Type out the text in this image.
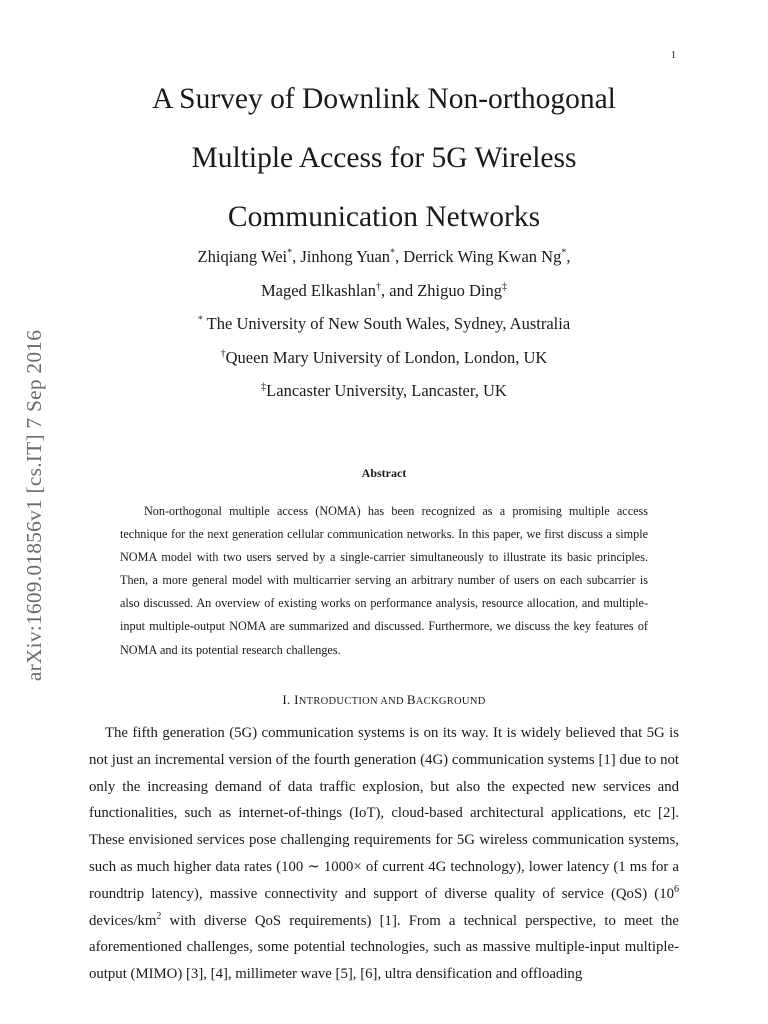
1
arXiv:1609.01856v1 [cs.IT] 7 Sep 2016
A Survey of Downlink Non-orthogonal
Multiple Access for 5G Wireless
Communication Networks
Zhiqiang Wei*, Jinhong Yuan*, Derrick Wing Kwan Ng*,
Maged Elkashlan†, and Zhiguo Ding‡
* The University of New South Wales, Sydney, Australia
†Queen Mary University of London, London, UK
‡Lancaster University, Lancaster, UK
Abstract

Non-orthogonal multiple access (NOMA) has been recognized as a promising multiple access technique for the next generation cellular communication networks. In this paper, we first discuss a simple NOMA model with two users served by a single-carrier simultaneously to illustrate its basic principles. Then, a more general model with multicarrier serving an arbitrary number of users on each subcarrier is also discussed. An overview of existing works on performance analysis, resource allocation, and multiple-input multiple-output NOMA are summarized and discussed. Furthermore, we discuss the key features of NOMA and its potential research challenges.

I. INTRODUCTION AND BACKGROUND

The fifth generation (5G) communication systems is on its way. It is widely believed that 5G is not just an incremental version of the fourth generation (4G) communication systems [1] due to not only the increasing demand of data traffic explosion, but also the expected new services and functionalities, such as internet-of-things (IoT), cloud-based architectural applications, etc [2]. These envisioned services pose challenging requirements for 5G wireless communication systems, such as much higher data rates (100 ∼ 1000× of current 4G technology), lower latency (1 ms for a roundtrip latency), massive connectivity and support of diverse quality of service (QoS) ($10^6$ devices/$km^2$ with diverse QoS requirements) [1]. From a technical perspective, to meet the aforementioned challenges, some potential technologies, such as massive multiple-input multiple-output (MIMO) [3], [4], millimeter wave [5], [6], ultra densification and offloading
